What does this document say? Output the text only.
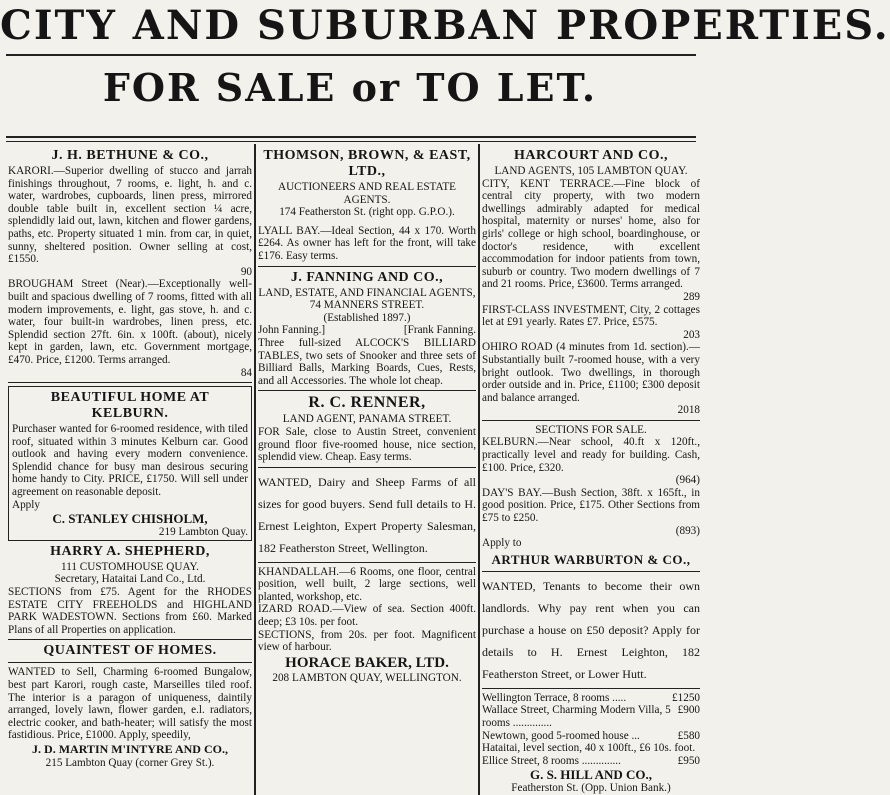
CITY AND SUBURBAN PROPERTIES.
FOR SALE or TO LET.
J. H. BETHUNE & CO.,

KARORI.—Superior dwelling of stucco and jarrah finishings throughout, 7 rooms, e. light, h. and c. water, wardrobes, cupboards, linen press, mirrored double table built in, excellent section ¼ acre, splendidly laid out, lawn, kitchen and flower gardens, paths, etc. Property situated 1 min. from car, in quiet, sunny, sheltered position. Owner selling at cost, £1550.

90

BROUGHAM Street (Near).—Exceptionally well-built and spacious dwelling of 7 rooms, fitted with all modern improvements, e. light, gas stove, h. and c. water, four built-in wardrobes, linen press, etc. Splendid section 27ft. 6in. x 100ft. (about), nicely kept in garden, lawn, etc. Government mortgage, £470. Price, £1200. Terms arranged.

84
BEAUTIFUL HOME AT KELBURN.

Purchaser wanted for 6-roomed residence, with tiled roof, situated within 3 minutes Kelburn car. Good outlook and having every modern convenience. Splendid chance for busy man desirous securing home handy to City. PRICE, £1750. Will sell under agreement on reasonable deposit.

Apply
C. STANLEY CHISHOLM,
219 Lambton Quay.
HARRY A. SHEPHERD,
111 CUSTOMHOUSE QUAY.
Secretary, Hataitai Land Co., Ltd.

SECTIONS from £75. Agent for the RHODES ESTATE CITY FREEHOLDS and HIGHLAND PARK WADESTOWN. Sections from £60. Marked Plans of all Properties on application.

QUAINTEST OF HOMES.

WANTED to Sell, Charming 6-roomed Bungalow, best part Karori, rough caste, Marseilles tiled roof. The interior is a paragon of uniqueness, daintily arranged, lovely lawn, flower garden, e.l. radiators, electric cooker, and bath-heater; will satisfy the most fastidious. Price, £1000. Apply, speedily,

J. D. MARTIN M'INTYRE AND CO.,
215 Lambton Quay (corner Grey St.).
THOMSON, BROWN, & EAST, LTD.,
AUCTIONEERS AND REAL ESTATE AGENTS.
174 Featherston St. (right opp. G.P.O.).

LYALL BAY.—Ideal Section, 44 x 170. Worth £264. As owner has left for the front, will take £176. Easy terms.

J. FANNING AND CO.,
LAND, ESTATE, AND FINANCIAL AGENTS,
74 MANNERS STREET.
(Established 1897.)
John Fanning.]	[Frank Fanning.

Three full-sized ALCOCK'S BILLIARD TABLES, two sets of Snooker and three sets of Billiard Balls, Marking Boards, Cues, Rests, and all Accessories. The whole lot cheap.

R. C. RENNER,
LAND AGENT, PANAMA STREET.

FOR Sale, close to Austin Street, convenient ground floor five-roomed house, nice section, splendid view. Cheap. Easy terms.

WANTED, Dairy and Sheep Farms of all sizes for good buyers. Send full details to H. Ernest Leighton, Expert Property Salesman, 182 Featherston Street, Wellington.

KHANDALLAH.—6 Rooms, one floor, central position, well built, 2 large sections, well planted, workshop, etc.

IZARD ROAD.—View of sea. Section 400ft. deep; £3 10s. per foot.

SECTIONS, from 20s. per foot. Magnificent view of harbour.

HORACE BAKER, LTD.
208 LAMBTON QUAY, WELLINGTON.
HARCOURT AND CO.,
LAND AGENTS, 105 LAMBTON QUAY.

CITY, KENT TERRACE.—Fine block of central city property, with two modern dwellings admirably adapted for medical hospital, maternity or nurses' home, also for girls' college or high school, boardinghouse, or doctor's residence, with excellent accommodation for indoor patients from town, suburb or country. Two modern dwellings of 7 and 21 rooms. Price, £3600. Terms arranged.

289

FIRST-CLASS INVESTMENT, City, 2 cottages let at £91 yearly. Rates £7. Price, £575.

203

OHIRO ROAD (4 minutes from 1d. section).—Substantially built 7-roomed house, with a very bright outlook. Two dwellings, in thorough order outside and in. Price, £1100; £300 deposit and balance arranged.

2018
SECTIONS FOR SALE.

KELBURN.—Near school, 40.ft x 120ft., practically level and ready for building. Cash, £100. Price, £320.

(964)

DAY'S BAY.—Bush Section, 38ft. x 165ft., in good position. Price, £175. Other Sections from £75 to £250.

(893)
Apply to
ARTHUR WARBURTON & CO.,

WANTED, Tenants to become their own landlords. Why pay rent when you can purchase a house on £50 deposit? Apply for details to H. Ernest Leighton, 182 Featherston Street, or Lower Hutt.

Wellington Terrace, 8 rooms .....	£1250
Wallace Street, Charming Modern Villa, 5 rooms ..............
£900
Newtown, good 5-roomed house ...	£580
Hataitai, level section, 40 x 100ft., £6 10s. foot.
Ellice Street, 8 rooms ..............	£950
G. S. HILL AND CO.,
Featherston St. (Opp. Union Bank.)
